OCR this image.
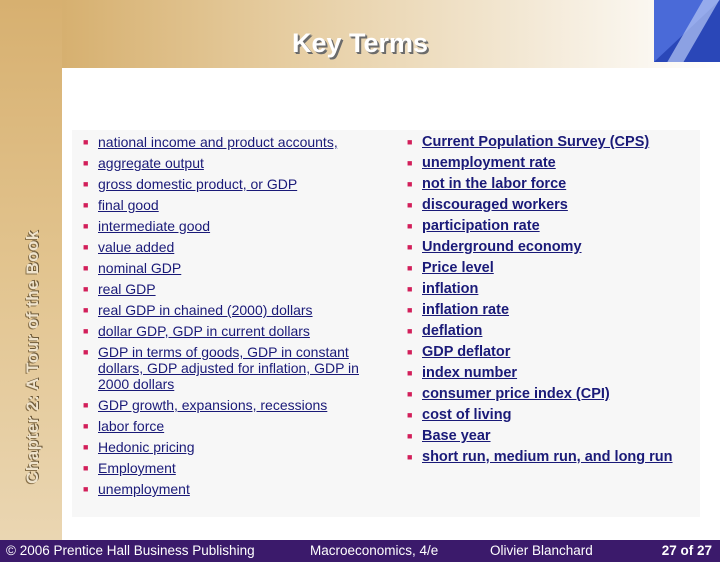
Key Terms
Chapter 2: A Tour of the Book
■ national income and product accounts,
■ aggregate output
■ gross domestic product, or GDP
■ final good
■ intermediate good
■ value added
■ nominal GDP
■ real GDP
■ real GDP in chained (2000) dollars
■ dollar GDP, GDP in current dollars
■ GDP in terms of goods, GDP in constant dollars, GDP adjusted for inflation, GDP in 2000 dollars
■ GDP growth, expansions, recessions
■ labor force
■ Hedonic pricing
■ Employment
■ unemployment
■ Current Population Survey (CPS)
■ unemployment rate
■ not in the labor force
■ discouraged workers
■ participation rate
■ Underground economy
■ Price level
■ inflation
■ inflation rate
■ deflation
■ GDP deflator
■ index number
■ consumer price index (CPI)
■ cost of living
■ Base year
■ short run, medium run, and long run
© 2006 Prentice Hall Business Publishing	Macroeconomics, 4/e	Olivier Blanchard	27 of 27
